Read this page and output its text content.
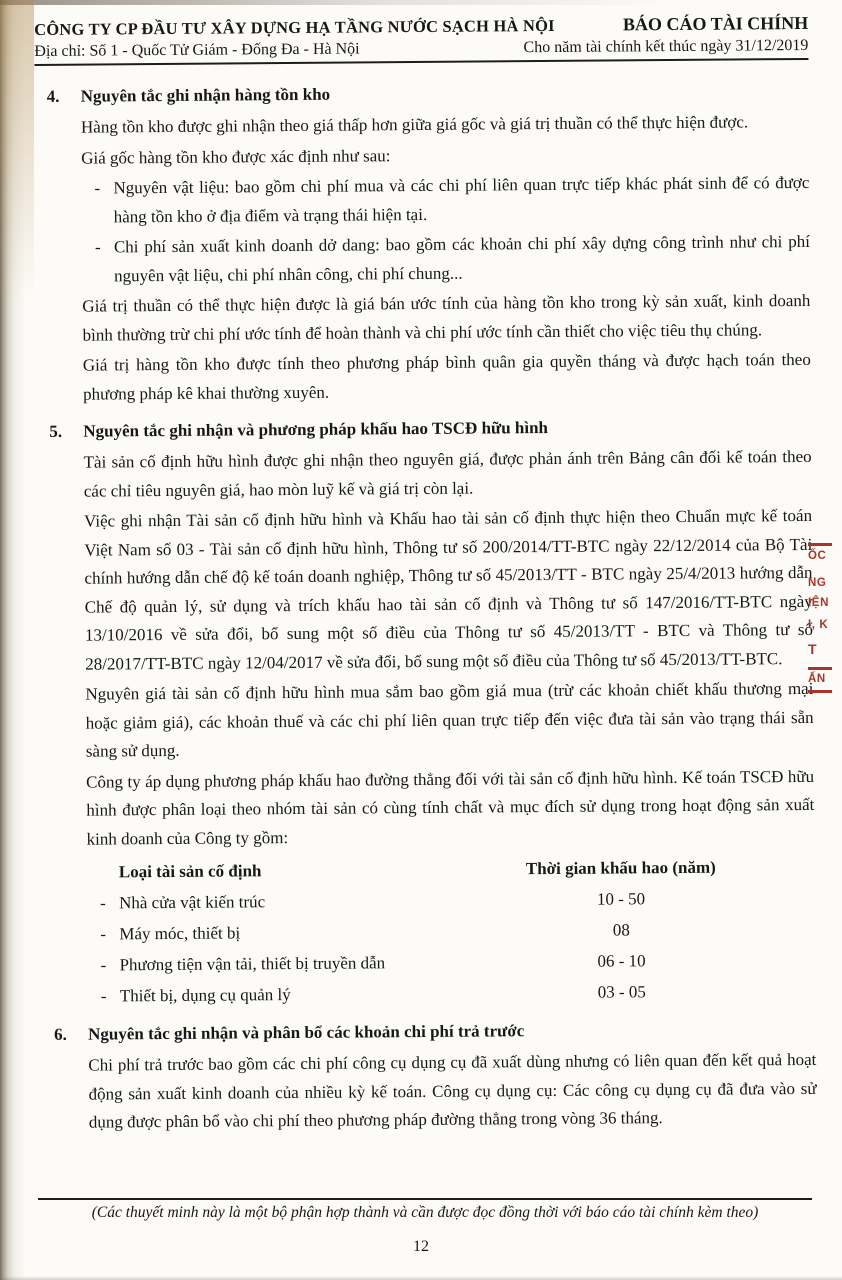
CÔNG TY CP ĐẦU TƯ XÂY DỰNG HẠ TẦNG NƯỚC SẠCH HÀ NỘI	BÁO CÁO TÀI CHÍNH
Địa chỉ: Số 1 - Quốc Tử Giám - Đống Đa - Hà Nội	Cho năm tài chính kết thúc ngày 31/12/2019
4.	Nguyên tắc ghi nhận hàng tồn kho

Hàng tồn kho được ghi nhận theo giá thấp hơn giữa giá gốc và giá trị thuần có thể thực hiện được.

Giá gốc hàng tồn kho được xác định như sau:

- Nguyên vật liệu: bao gồm chi phí mua và các chi phí liên quan trực tiếp khác phát sinh để có được hàng tồn kho ở địa điểm và trạng thái hiện tại.
- Chi phí sản xuất kinh doanh dở dang: bao gồm các khoản chi phí xây dựng công trình như chi phí nguyên vật liệu, chi phí nhân công, chi phí chung...

Giá trị thuần có thể thực hiện được là giá bán ước tính của hàng tồn kho trong kỳ sản xuất, kinh doanh bình thường trừ chi phí ước tính để hoàn thành và chi phí ước tính cần thiết cho việc tiêu thụ chúng.

Giá trị hàng tồn kho được tính theo phương pháp bình quân gia quyền tháng và được hạch toán theo phương pháp kê khai thường xuyên.

5.	Nguyên tắc ghi nhận và phương pháp khấu hao TSCĐ hữu hình

Tài sản cố định hữu hình được ghi nhận theo nguyên giá, được phản ánh trên Bảng cân đối kế toán theo các chỉ tiêu nguyên giá, hao mòn luỹ kế và giá trị còn lại.

Việc ghi nhận Tài sản cố định hữu hình và Khấu hao tài sản cố định thực hiện theo Chuẩn mực kế toán Việt Nam số 03 - Tài sản cố định hữu hình, Thông tư số 200/2014/TT-BTC ngày 22/12/2014 của Bộ Tài chính hướng dẫn chế độ kế toán doanh nghiệp, Thông tư số 45/2013/TT - BTC ngày 25/4/2013 hướng dẫn Chế độ quản lý, sử dụng và trích khấu hao tài sản cố định và Thông tư số 147/2016/TT-BTC ngày 13/10/2016 về sửa đổi, bổ sung một số điều của Thông tư số 45/2013/TT - BTC và Thông tư số 28/2017/TT-BTC ngày 12/04/2017 về sửa đổi, bổ sung một số điều của Thông tư số 45/2013/TT-BTC.

Nguyên giá tài sản cố định hữu hình mua sắm bao gồm giá mua (trừ các khoản chiết khấu thương mại hoặc giảm giá), các khoản thuế và các chi phí liên quan trực tiếp đến việc đưa tài sản vào trạng thái sẵn sàng sử dụng.

Công ty áp dụng phương pháp khấu hao đường thẳng đối với tài sản cố định hữu hình. Kế toán TSCĐ hữu hình được phân loại theo nhóm tài sản có cùng tính chất và mục đích sử dụng trong hoạt động sản xuất kinh doanh của Công ty gồm:

Loại tài sản cố định	Thời gian khấu hao (năm)
- Nhà cửa vật kiến trúc	10 - 50
- Máy móc, thiết bị	08
- Phương tiện vận tải, thiết bị truyền dẫn	06 - 10
- Thiết bị, dụng cụ quản lý	03 - 05
6.	Nguyên tắc ghi nhận và phân bổ các khoản chi phí trả trước

Chi phí trả trước bao gồm các chi phí công cụ dụng cụ đã xuất dùng nhưng có liên quan đến kết quả hoạt động sản xuất kinh doanh của nhiều kỳ kế toán. Công cụ dụng cụ: Các công cụ dụng cụ đã đưa vào sử dụng được phân bổ vào chi phí theo phương pháp đường thẳng trong vòng 36 tháng.

ỐC
NG
IỆN
I, K
T
ẤN
(Các thuyết minh này là một bộ phận hợp thành và cần được đọc đồng thời với báo cáo tài chính kèm theo)
12
